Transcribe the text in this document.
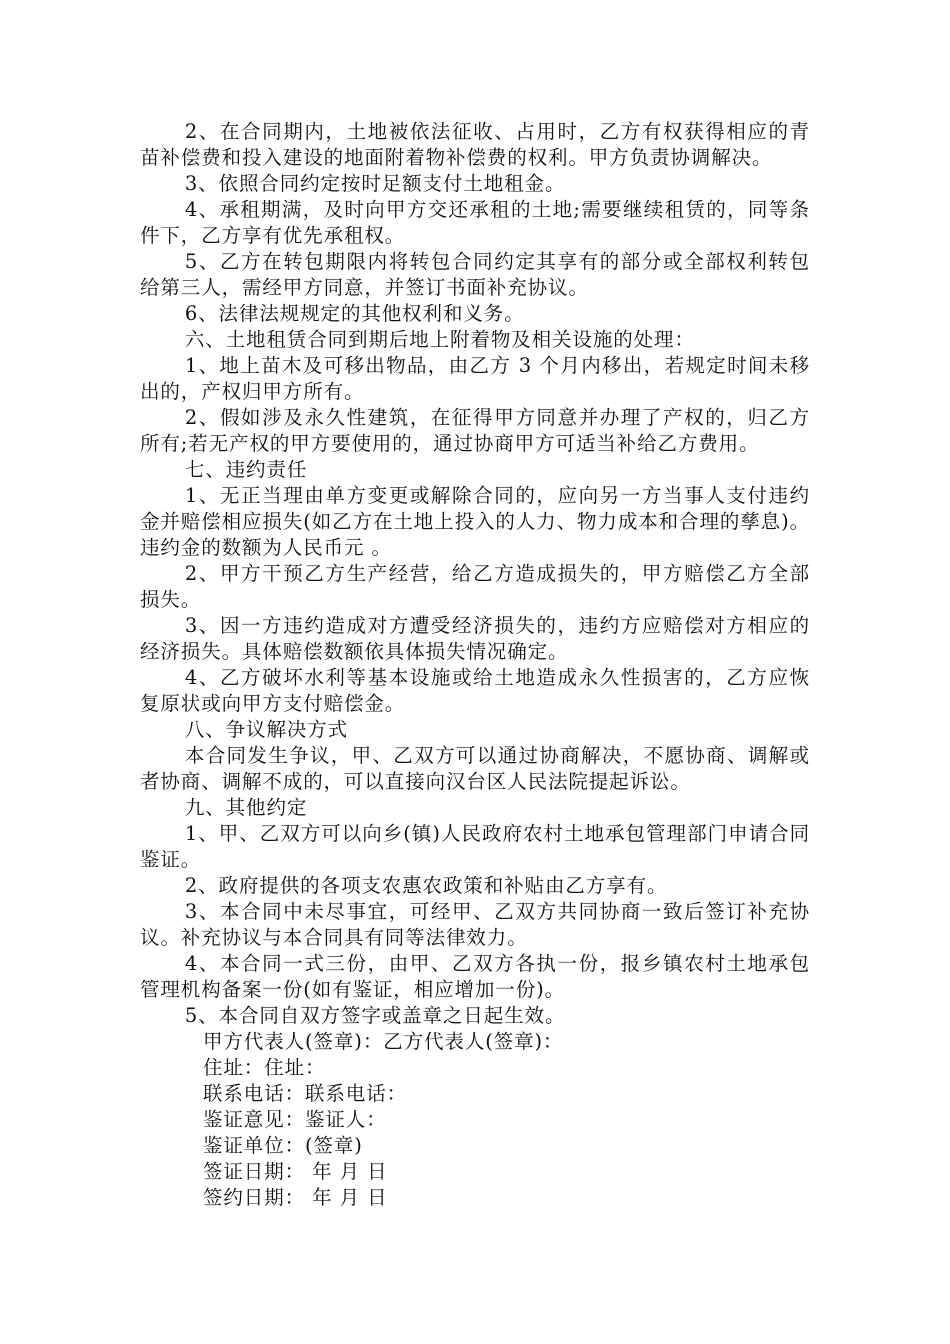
2、在合同期内，土地被依法征收、占用时，乙方有权获得相应的青苗补偿费和投入建设的地面附着物补偿费的权利。甲方负责协调解决。

3、依照合同约定按时足额支付土地租金。

4、承租期满，及时向甲方交还承租的土地;需要继续租赁的，同等条件下，乙方享有优先承租权。

5、乙方在转包期限内将转包合同约定其享有的部分或全部权利转包给第三人，需经甲方同意，并签订书面补充协议。

6、法律法规规定的其他权利和义务。

六、土地租赁合同到期后地上附着物及相关设施的处理：

1、地上苗木及可移出物品，由乙方 3 个月内移出，若规定时间未移出的，产权归甲方所有。

2、假如涉及永久性建筑，在征得甲方同意并办理了产权的，归乙方所有;若无产权的甲方要使用的，通过协商甲方可适当补给乙方费用。

七、违约责任

1、无正当理由单方变更或解除合同的，应向另一方当事人支付违约金并赔偿相应损失(如乙方在土地上投入的人力、物力成本和合理的孳息)。违约金的数额为人民币元 。

2、甲方干预乙方生产经营，给乙方造成损失的，甲方赔偿乙方全部损失。

3、因一方违约造成对方遭受经济损失的，违约方应赔偿对方相应的经济损失。具体赔偿数额依具体损失情况确定。

4、乙方破坏水利等基本设施或给土地造成永久性损害的，乙方应恢复原状或向甲方支付赔偿金。

八、争议解决方式

本合同发生争议，甲、乙双方可以通过协商解决，不愿协商、调解或者协商、调解不成的，可以直接向汉台区人民法院提起诉讼。

九、其他约定

1、甲、乙双方可以向乡(镇)人民政府农村土地承包管理部门申请合同鉴证。

2、政府提供的各项支农惠农政策和补贴由乙方享有。

3、本合同中未尽事宜，可经甲、乙双方共同协商一致后签订补充协议。补充协议与本合同具有同等法律效力。

4、本合同一式三份，由甲、乙双方各执一份，报乡镇农村土地承包管理机构备案一份(如有鉴证，相应增加一份)。

5、本合同自双方签字或盖章之日起生效。

甲方代表人(签章)：乙方代表人(签章)：

住址：住址：

联系电话：联系电话：

鉴证意见：鉴证人：

鉴证单位：(签章)

签证日期： 年 月 日

签约日期： 年 月 日
